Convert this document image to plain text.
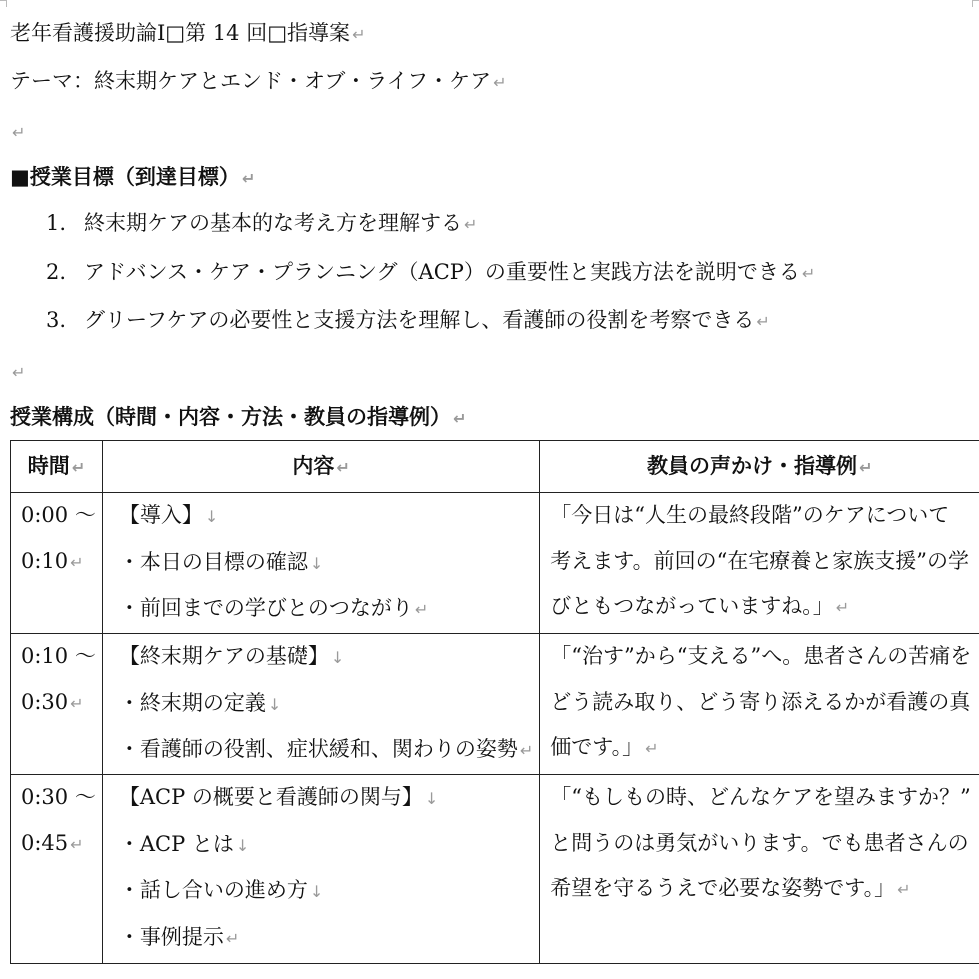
老年看護援助論Ⅰ□第 14 回□指導案 ↵
テーマ：終末期ケアとエンド・オブ・ライフ・ケア ↵
↵
■授業目標（到達目標） ↵
1. 終末期ケアの基本的な考え方を理解する ↵
2. アドバンス・ケア・プランニング（ACP）の重要性と実践方法を説明できる ↵
3. グリーフケアの必要性と支援方法を理解し、看護師の役割を考察できる ↵
↵
授業構成（時間・内容・方法・教員の指導例） ↵
時間 ↵	内容 ↵	教員の声かけ・指導例 ↵

0:00 ～
0:10 ↵	【導入】 ↓
・本日の目標の確認 ↓
・前回までの学びとのつながり ↵	「今日は“人生の最終段階”のケアについて
考えます。前回の“在宅療養と家族支援”の学
びともつながっていますね。」 ↵

0:10 ～
0:30 ↵	【終末期ケアの基礎】 ↓
・終末期の定義 ↓
・看護師の役割、症状緩和、関わりの姿勢 ↵	「“治す”から“支える”へ。患者さんの苦痛を
どう読み取り、どう寄り添えるかが看護の真
価です。」 ↵

0:30 ～
0:45 ↵	【ACP の概要と看護師の関与】 ↓
・ACP とは ↓
・話し合いの進め方 ↓
・事例提示 ↵	「“もしもの時、どんなケアを望みますか？”
と問うのは勇気がいります。でも患者さんの
希望を守るうえで必要な姿勢です。」 ↵
